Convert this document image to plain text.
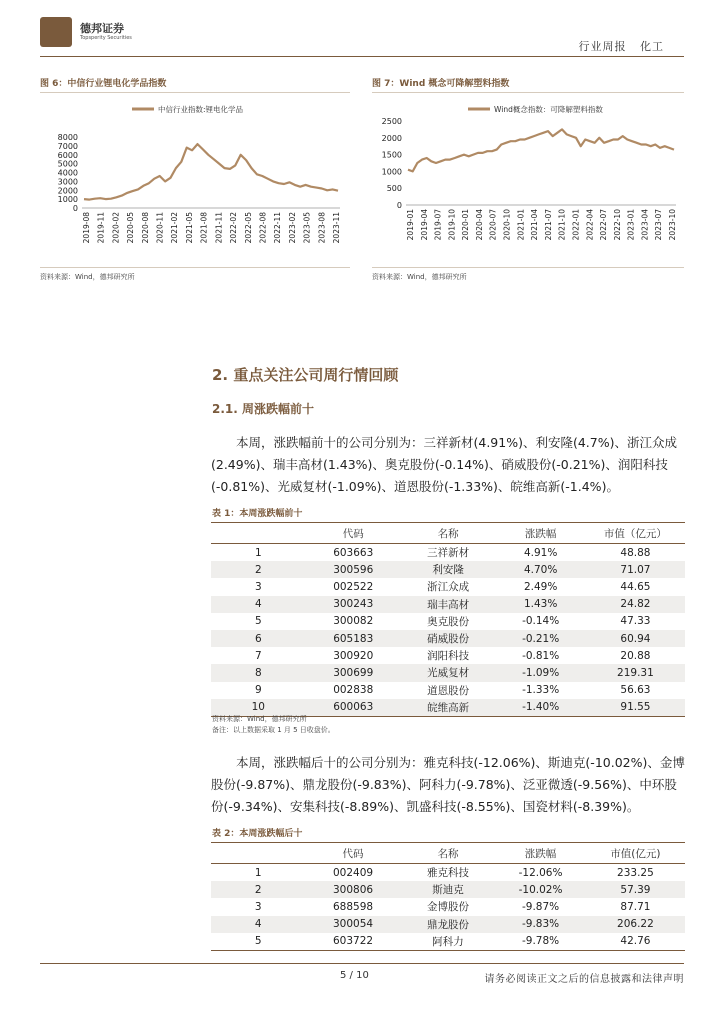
德邦证券
Topsperity Securities
行业周报 化工
图 6：中信行业锂电化学品指数
中信行业指数:锂电化学品
0
1000
2000
3000
4000
5000
6000
7000
8000
2019-08 2019-11 2020-02 2020-05 2020-08 2020-11 2021-02 2021-05 2021-08 2021-11 2022-02 2022-05 2022-08 2022-11 2023-02 2023-05 2023-08 2023-11
资料来源：Wind，德邦研究所
图 7：Wind 概念可降解塑料指数
Wind概念指数：可降解塑料指数
0
500
1000
1500
2000
2500
2019-01 2019-04 2019-07 2019-10 2020-01 2020-04 2020-07 2020-10 2021-01 2021-04 2021-07 2021-10 2022-01 2022-04 2022-07 2022-10 2023-01 2023-04 2023-07 2023-10
资料来源：Wind，德邦研究所
2. 重点关注公司周行情回顾
2.1. 周涨跌幅前十
本周，涨跌幅前十的公司分别为：三祥新材(4.91%)、利安隆(4.7%)、浙江众成(2.49%)、瑞丰高材(1.43%)、奥克股份(-0.14%)、硝威股份(-0.21%)、润阳科技(-0.81%)、光威复材(-1.09%)、道恩股份(-1.33%)、皖维高新(-1.4%)。
表 1：本周涨跌幅前十
	代码	名称	涨跌幅	市值（亿元）
1	603663	三祥新材	4.91%	48.88
2	300596	利安隆	4.70%	71.07
3	002522	浙江众成	2.49%	44.65
4	300243	瑞丰高材	1.43%	24.82
5	300082	奥克股份	-0.14%	47.33
6	605183	硝威股份	-0.21%	60.94
7	300920	润阳科技	-0.81%	20.88
8	300699	光威复材	-1.09%	219.31
9	002838	道恩股份	-1.33%	56.63
10	600063	皖维高新	-1.40%	91.55
资料来源：Wind，德邦研究所
备注：以上数据采取 1 月 5 日收盘价。
本周，涨跌幅后十的公司分别为：雅克科技(-12.06%)、斯迪克(-10.02%)、金博股份(-9.87%)、鼎龙股份(-9.83%)、阿科力(-9.78%)、泛亚微透(-9.56%)、中环股份(-9.34%)、安集科技(-8.89%)、凯盛科技(-8.55%)、国瓷材料(-8.39%)。
表 2：本周涨跌幅后十
	代码	名称	涨跌幅	市值(亿元)
1	002409	雅克科技	-12.06%	233.25
2	300806	斯迪克	-10.02%	57.39
3	688598	金博股份	-9.87%	87.71
4	300054	鼎龙股份	-9.83%	206.22
5	603722	阿科力	-9.78%	42.76
5 / 10	请务必阅读正文之后的信息披露和法律声明
